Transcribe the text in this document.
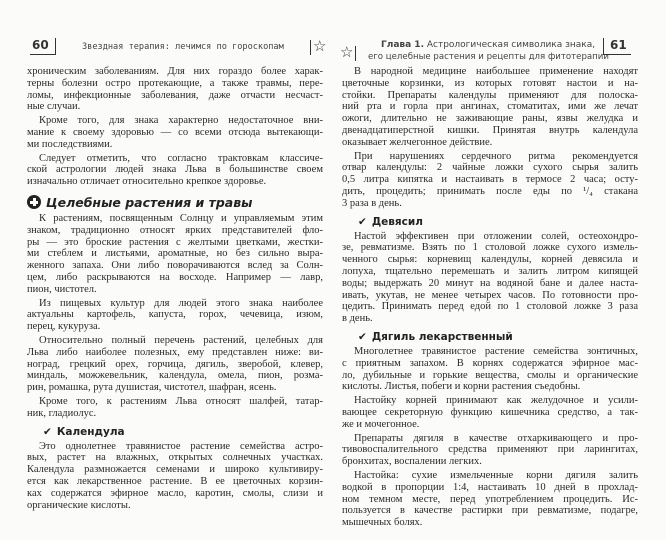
60	Звездная терапия: лечимся по гороскопам ☆
хроническим заболеваниям. Для них гораздо более харак-
терны болезни остро протекающие, а также травмы, пере-
ломы, инфекционные заболевания, даже отчасти несчаст-
ные случаи.
Кроме того, для знака характерно недостаточное вни-
мание к своему здоровью — со всеми отсюда вытекающи-
ми последствиями.
Следует отметить, что согласно трактовкам классиче-
ской астрологии людей знака Льва в большинстве своем
изначально отличает относительно крепкое здоровье.
Целебные растения и травы
К растениям, посвященным Солнцу и управляемым этим
знаком, традиционно относят ярких представителей фло-
ры — это броские растения с желтыми цветками, жестки-
ми стеблем и листьями, ароматные, но без сильно выра-
женного запаха. Они либо поворачиваются вслед за Солн-
цем, либо раскрываются на восходе. Например — лавр,
пион, чистотел.
Из пищевых культур для людей этого знака наиболее
актуальны картофель, капуста, горох, чечевица, изюм,
перец, кукуруза.
Относительно полный перечень растений, целебных для
Льва либо наиболее полезных, ему представлен ниже: ви-
ноград, грецкий орех, горчица, дягиль, зверобой, клевер,
миндаль, можжевельник, календула, омела, пион, розма-
рин, ромашка, рута душистая, чистотел, шафран, ясень.
Кроме того, к растениям Льва относят шалфей, татар-
ник, гладиолус.
✔ Календула
Это однолетнее травянистое растение семейства астро-
вых, растет на влажных, открытых солнечных участках.
Календула размножается семенами и широко культивиру-
ется как лекарственное растение. В ее цветочных корзин-
ках содержатся эфирное масло, каротин, смолы, слизи и
органические кислоты.
☆	Глава 1. Астрологическая символика знака,
его целебные растения и рецепты для фитотерапии
61
В народной медицине наибольшее применение находят
цветочные корзинки, из которых готовят настои и на-
стойки. Препараты календулы применяют для полоска-
ний рта и горла при ангинах, стоматитах, ими же лечат
ожоги, длительно не заживающие раны, язвы желудка и
двенадцатиперстной кишки. Принятая внутрь календула
оказывает желчегонное действие.
При нарушениях сердечного ритма рекомендуется
отвар календулы: 2 чайные ложки сухого сырья залить
0,5 литра кипятка и настаивать в термосе 2 часа; осту-
дить, процедить; принимать после еды по ¹/₄ стакана
3 раза в день.
✔ Девясил
Настой эффективен при отложении солей, остеохондро-
зе, ревматизме. Взять по 1 столовой ложке сухого измель-
ченного сырья: корневищ календулы, корней девясила и
лопуха, тщательно перемешать и залить литром кипящей
воды; выдержать 20 минут на водяной бане и далее наста-
ивать, укутав, не менее четырех часов. По готовности про-
цедить. Принимать перед едой по 1 столовой ложке 3 раза
в день.
✔ Дягиль лекарственный
Многолетнее травянистое растение семейства зонтичных,
с приятным запахом. В корнях содержатся эфирное мас-
ло, дубильные и горькие вещества, смолы и органические
кислоты. Листья, побеги и корни растения съедобны.
Настойку корней принимают как желудочное и усили-
вающее секреторную функцию кишечника средство, а так-
же и мочегонное.
Препараты дягиля в качестве отхаркивающего и про-
тивовоспалительного средства применяют при ларингитах,
бронхитах, воспалении легких.
Настойка: сухие измельченные корни дягиля залить
водкой в пропорции 1:4, настаивать 10 дней в прохлад-
ном темном месте, перед употреблением процедить. Ис-
пользуется в качестве растирки при ревматизме, подагре,
мышечных болях.
